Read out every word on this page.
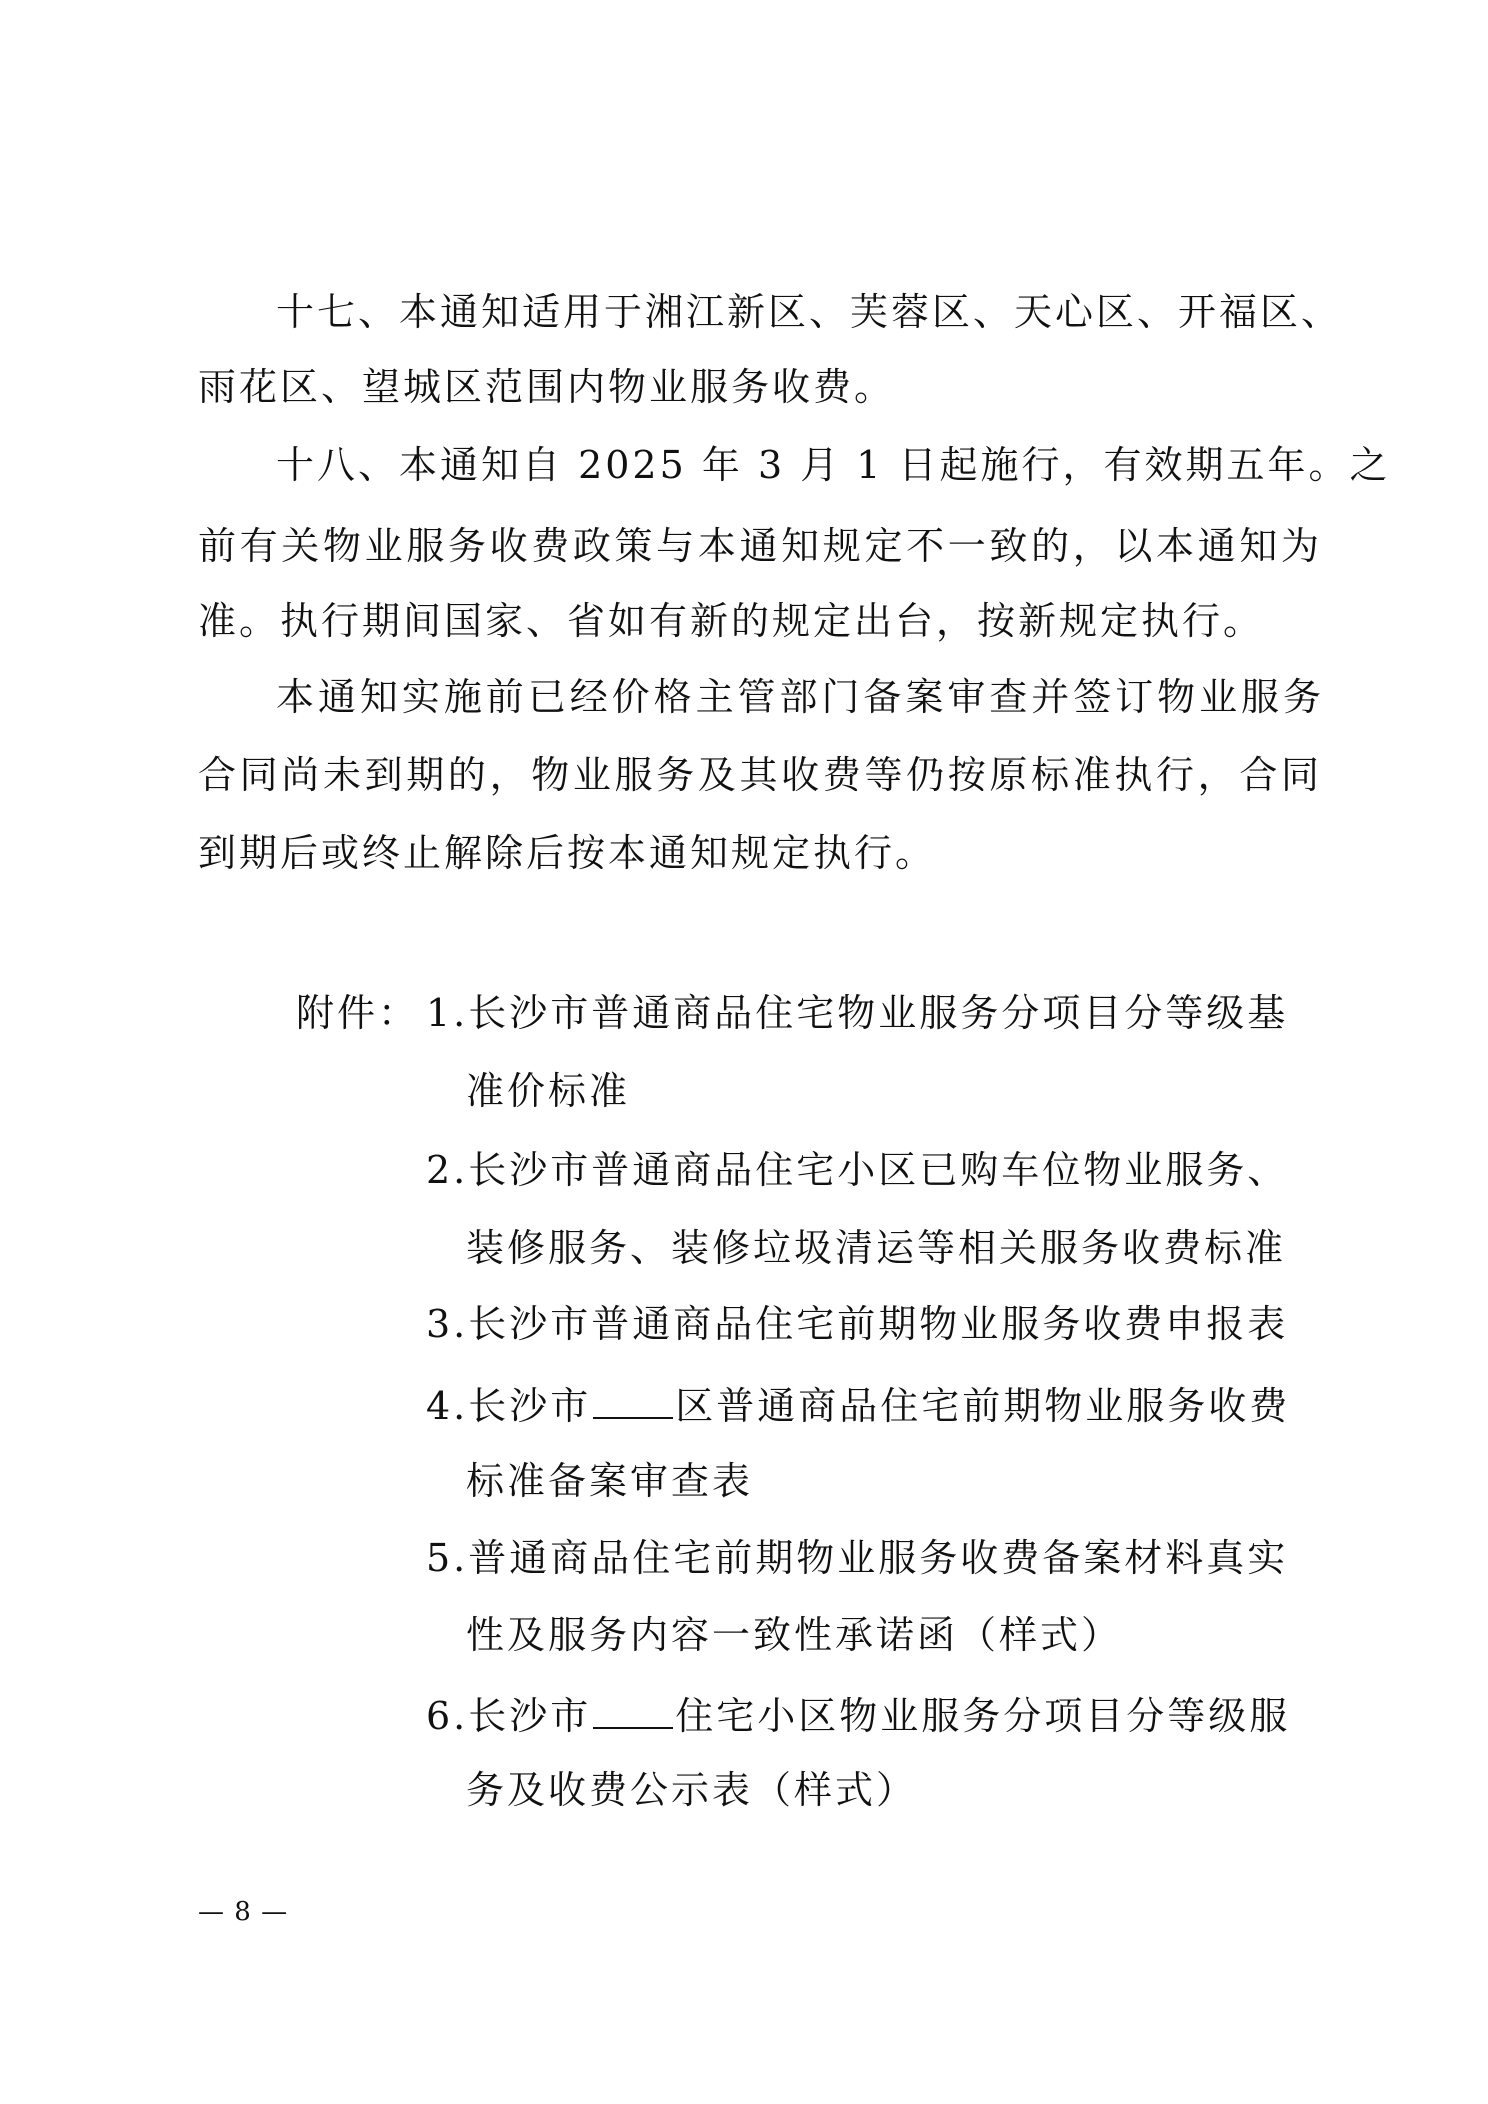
十七、本通知适用于湘江新区、芙蓉区、天心区、开福区、
雨花区、望城区范围内物业服务收费。
十八、本通知自 2025 年 3 月 1 日起施行，有效期五年。之
前有关物业服务收费政策与本通知规定不一致的，以本通知为
准。执行期间国家、省如有新的规定出台，按新规定执行。
本通知实施前已经价格主管部门备案审查并签订物业服务
合同尚未到期的，物业服务及其收费等仍按原标准执行，合同
到期后或终止解除后按本通知规定执行。
附件： 1.长沙市普通商品住宅物业服务分项目分等级基
准价标准
2.长沙市普通商品住宅小区已购车位物业服务、
装修服务、装修垃圾清运等相关服务收费标准
3.长沙市普通商品住宅前期物业服务收费申报表
4.长沙市 区普通商品住宅前期物业服务收费
标准备案审查表
5.普通商品住宅前期物业服务收费备案材料真实
性及服务内容一致性承诺函（样式）
6.长沙市 住宅小区物业服务分项目分等级服
务及收费公示表（样式）
— 8 —
